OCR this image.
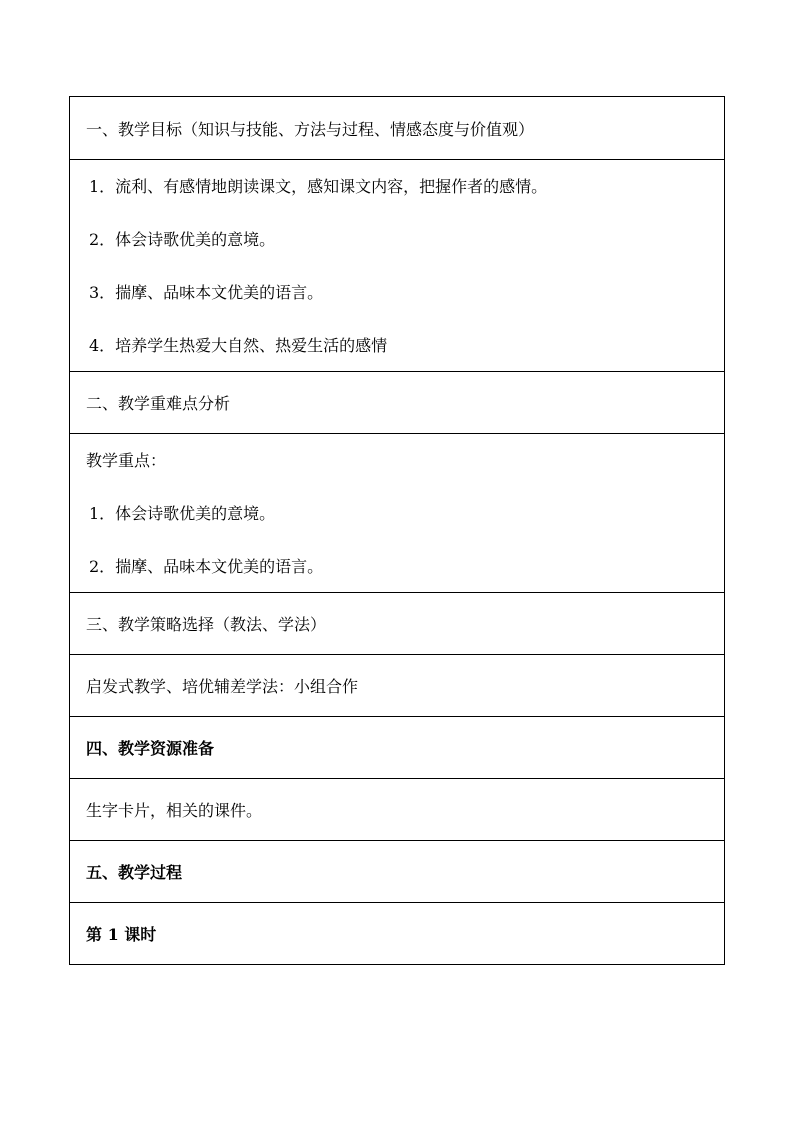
一、教学目标（知识与技能、方法与过程、情感态度与价值观）
1．流利、有感情地朗读课文，感知课文内容，把握作者的感情。
2．体会诗歌优美的意境。
3．揣摩、品味本文优美的语言。
4．培养学生热爱大自然、热爱生活的感情
二、教学重难点分析
教学重点：
1．体会诗歌优美的意境。
2．揣摩、品味本文优美的语言。
三、教学策略选择（教法、学法）
启发式教学、培优辅差学法：小组合作
四、教学资源准备
生字卡片，相关的课件。
五、教学过程
第 1 课时
